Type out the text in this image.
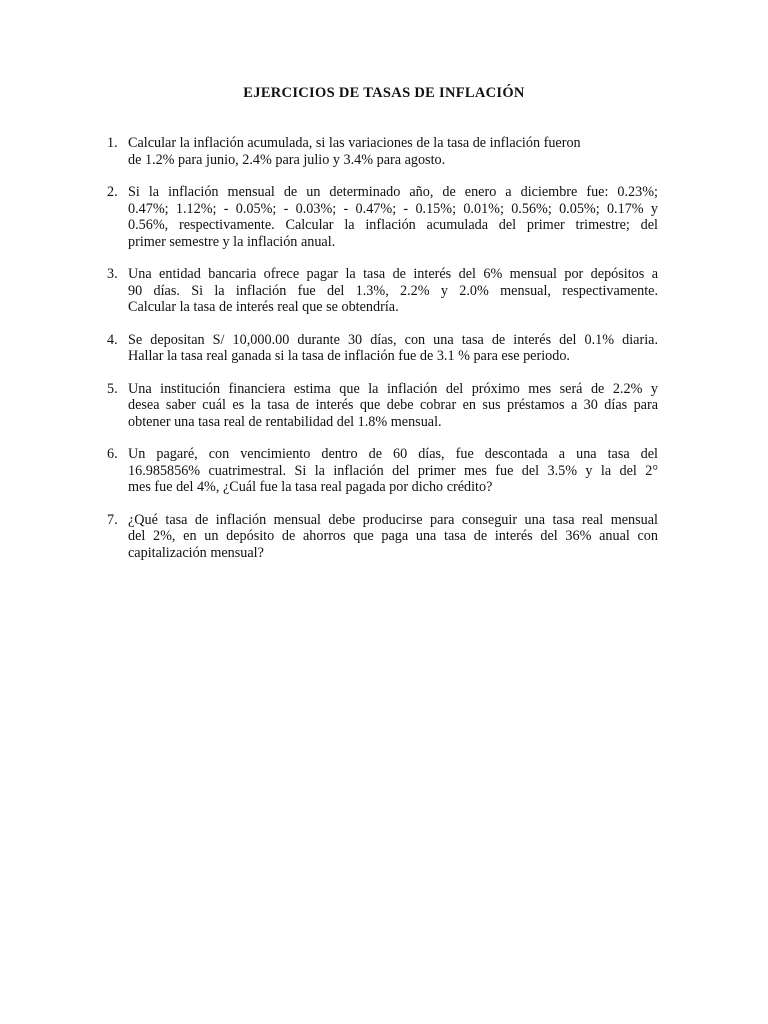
EJERCICIOS DE TASAS DE INFLACIÓN
1. Calcular la inflación acumulada, si las variaciones de la tasa de inflación fueron
de 1.2% para junio, 2.4% para julio y 3.4% para agosto.
2. Si la inflación mensual de un determinado año, de enero a diciembre fue: 0.23%;
0.47%; 1.12%; - 0.05%; - 0.03%; - 0.47%; - 0.15%; 0.01%; 0.56%; 0.05%; 0.17% y
0.56%, respectivamente. Calcular la inflación acumulada del primer trimestre; del
primer semestre y la inflación anual.
3. Una entidad bancaria ofrece pagar la tasa de interés del 6% mensual por depósitos a
90 días. Si la inflación fue del 1.3%, 2.2% y 2.0% mensual, respectivamente.
Calcular la tasa de interés real que se obtendría.
4. Se depositan S/ 10,000.00 durante 30 días, con una tasa de interés del 0.1% diaria.
Hallar la tasa real ganada si la tasa de inflación fue de 3.1 % para ese periodo.
5. Una institución financiera estima que la inflación del próximo mes será de 2.2% y
desea saber cuál es la tasa de interés que debe cobrar en sus préstamos a 30 días para
obtener una tasa real de rentabilidad del 1.8% mensual.
6. Un pagaré, con vencimiento dentro de 60 días, fue descontada a una tasa del
16.985856% cuatrimestral. Si la inflación del primer mes fue del 3.5% y la del 2°
mes fue del 4%, ¿Cuál fue la tasa real pagada por dicho crédito?
7. ¿Qué tasa de inflación mensual debe producirse para conseguir una tasa real mensual
del 2%, en un depósito de ahorros que paga una tasa de interés del 36% anual con
capitalización mensual?
